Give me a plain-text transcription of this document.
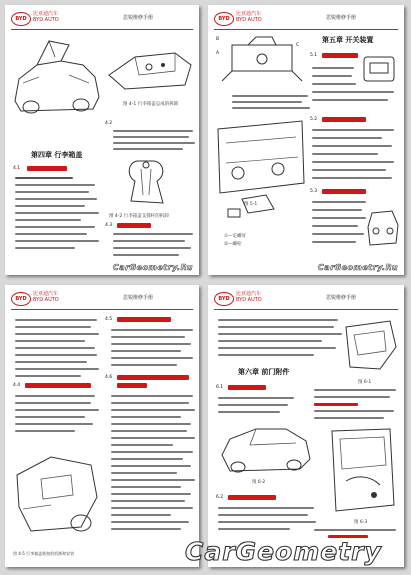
BYD
比亚迪汽车
BYD AUTO	思锐维修手册
图 4-1 行李箱盖总成的拆卸
第四章 行李箱盖
4.1
4.2
图 4-2 行李箱盖支撑杆的拆卸
4.3
CarGeometry.Ru
BYD
比亚迪汽车
BYD AUTO	思锐维修手册
B
A
C
图 5-1
①—定螺母
②—螺栓
第五章 开关装置
5.1
5.2
5.3
CarGeometry.Ru
BYD
比亚迪汽车
BYD AUTO	思锐维修手册
4.4
图 4-5 行李箱盖锁扣的拆卸和安装
4.5
4.6
BYD
比亚迪汽车
BYD AUTO	思锐维修手册
图 6-1
第六章 前门附件
6.1
图 6-2
6.2
图 6-3
CarGeometry
